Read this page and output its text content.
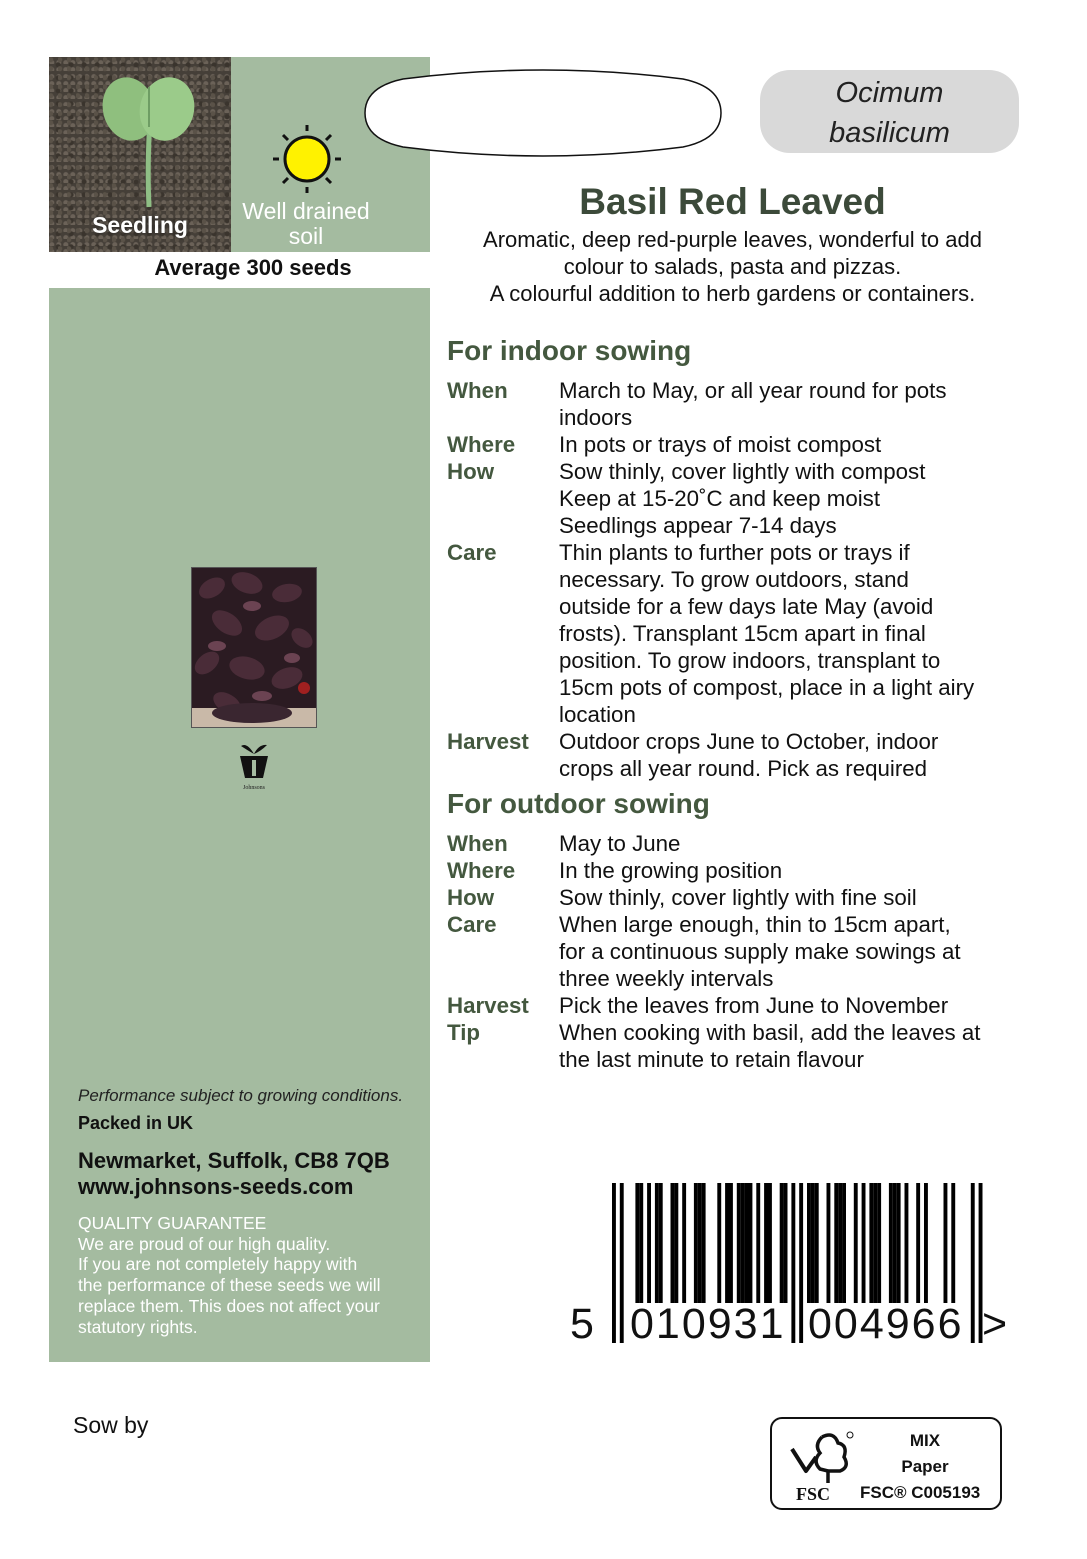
Seedling
Well drained soil
Average 300 seeds
Johnsons
Performance subject to growing conditions.
Packed in UK
Newmarket, Suffolk, CB8 7QB
www.johnsons-seeds.com
QUALITY GUARANTEE
We are proud of our high quality.
If you are not completely happy with
the performance of these seeds we will
replace them. This does not affect your
statutory rights.
Ocimum
basilicum
Basil Red Leaved
Aromatic, deep red-purple leaves, wonderful to add
colour to salads, pasta and pizzas.
A colourful addition to herb gardens or containers.
For indoor sowing
When	March to May, or all year round for pots
indoors
Where	In pots or trays of moist compost
How	Sow thinly, cover lightly with compost
Keep at 15-20˚C and keep moist
Seedlings appear 7-14 days
Care	Thin plants to further pots or trays if
necessary. To grow outdoors, stand
outside for a few days late May (avoid
frosts). Transplant 15cm apart in final
position. To grow indoors, transplant to
15cm pots of compost, place in a light airy
location
Harvest	Outdoor crops June to October, indoor
crops all year round. Pick as required
For outdoor sowing
When	May to June
Where	In the growing position
How	Sow thinly, cover lightly with fine soil
Care	When large enough, thin to 15cm apart,
for a continuous supply make sowings at
three weekly intervals
Harvest	Pick the leaves from June to November
Tip	When cooking with basil, add the leaves at
the last minute to retain flavour
5 010931 004966 >
Sow by
FSC
MIX
Paper
FSC® C005193
